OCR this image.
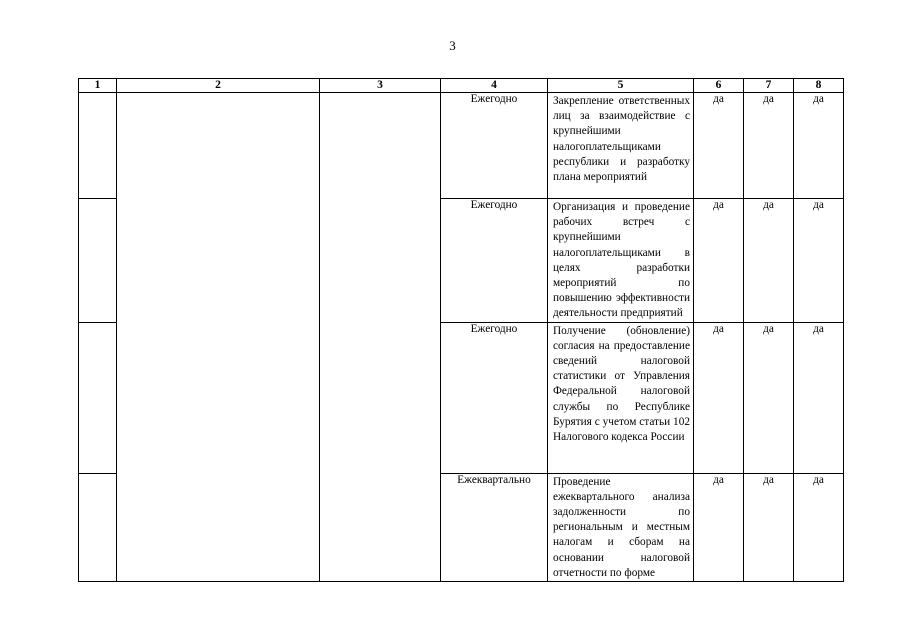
3
1	2	3	4	5	6	7	8
			Ежегодно	Закрепление ответственных лиц за взаимодействие с крупнейшими налогоплательщиками республики и разработку плана мероприятий	да	да	да
			Ежегодно	Организация и проведение рабочих встреч с крупнейшими налогоплательщиками в целях разработки мероприятий по повышению эффективности деятельности предприятий	да	да	да
			Ежегодно	Получение (обновление) согласия на предоставление сведений налоговой статистики от Управления Федеральной налоговой службы по Республике Бурятия с учетом статьи 102 Налогового кодекса России	да	да	да
			Ежеквартально	Проведение ежеквартального анализа задолженности по региональным и местным налогам и сборам на основании налоговой отчетности по форме	да	да	да
